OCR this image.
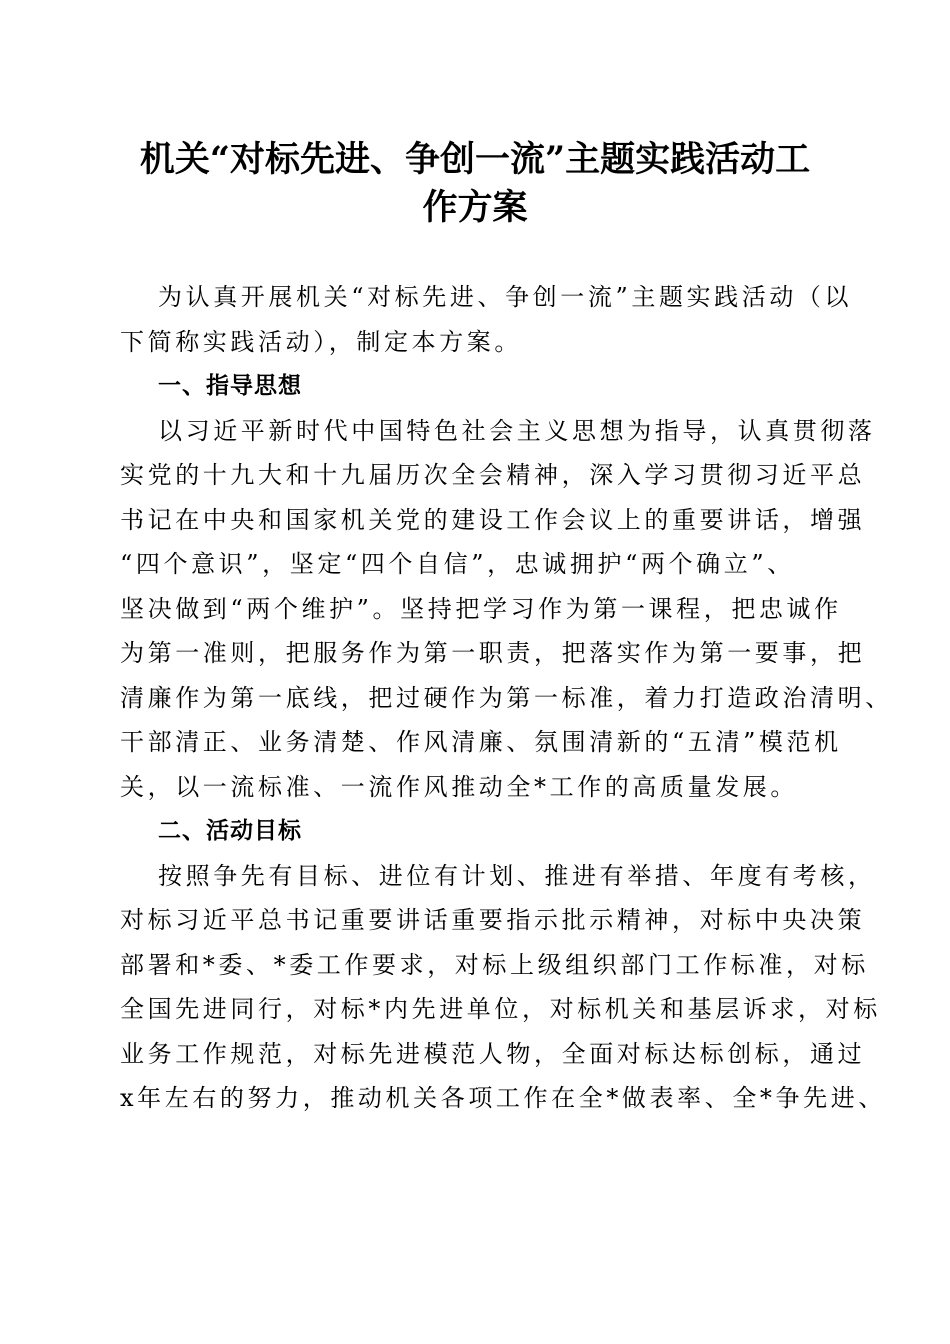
机关“对标先进、争创一流”主题实践活动工
作方案
为认真开展机关“对标先进、争创一流”主题实践活动（以
下简称实践活动），制定本方案。
一、指导思想
以习近平新时代中国特色社会主义思想为指导，认真贯彻落
实党的十九大和十九届历次全会精神，深入学习贯彻习近平总
书记在中央和国家机关党的建设工作会议上的重要讲话，增强
“四个意识”，坚定“四个自信”，忠诚拥护“两个确立”、
坚决做到“两个维护”。坚持把学习作为第一课程，把忠诚作
为第一准则，把服务作为第一职责，把落实作为第一要事，把
清廉作为第一底线，把过硬作为第一标准，着力打造政治清明、
干部清正、业务清楚、作风清廉、氛围清新的“五清”模范机
关，以一流标准、一流作风推动全*工作的高质量发展。
二、活动目标
按照争先有目标、进位有计划、推进有举措、年度有考核，
对标习近平总书记重要讲话重要指示批示精神，对标中央决策
部署和*委、*委工作要求，对标上级组织部门工作标准，对标
全国先进同行，对标*内先进单位，对标机关和基层诉求，对标
业务工作规范，对标先进模范人物，全面对标达标创标，通过
x年左右的努力，推动机关各项工作在全*做表率、全*争先进、
